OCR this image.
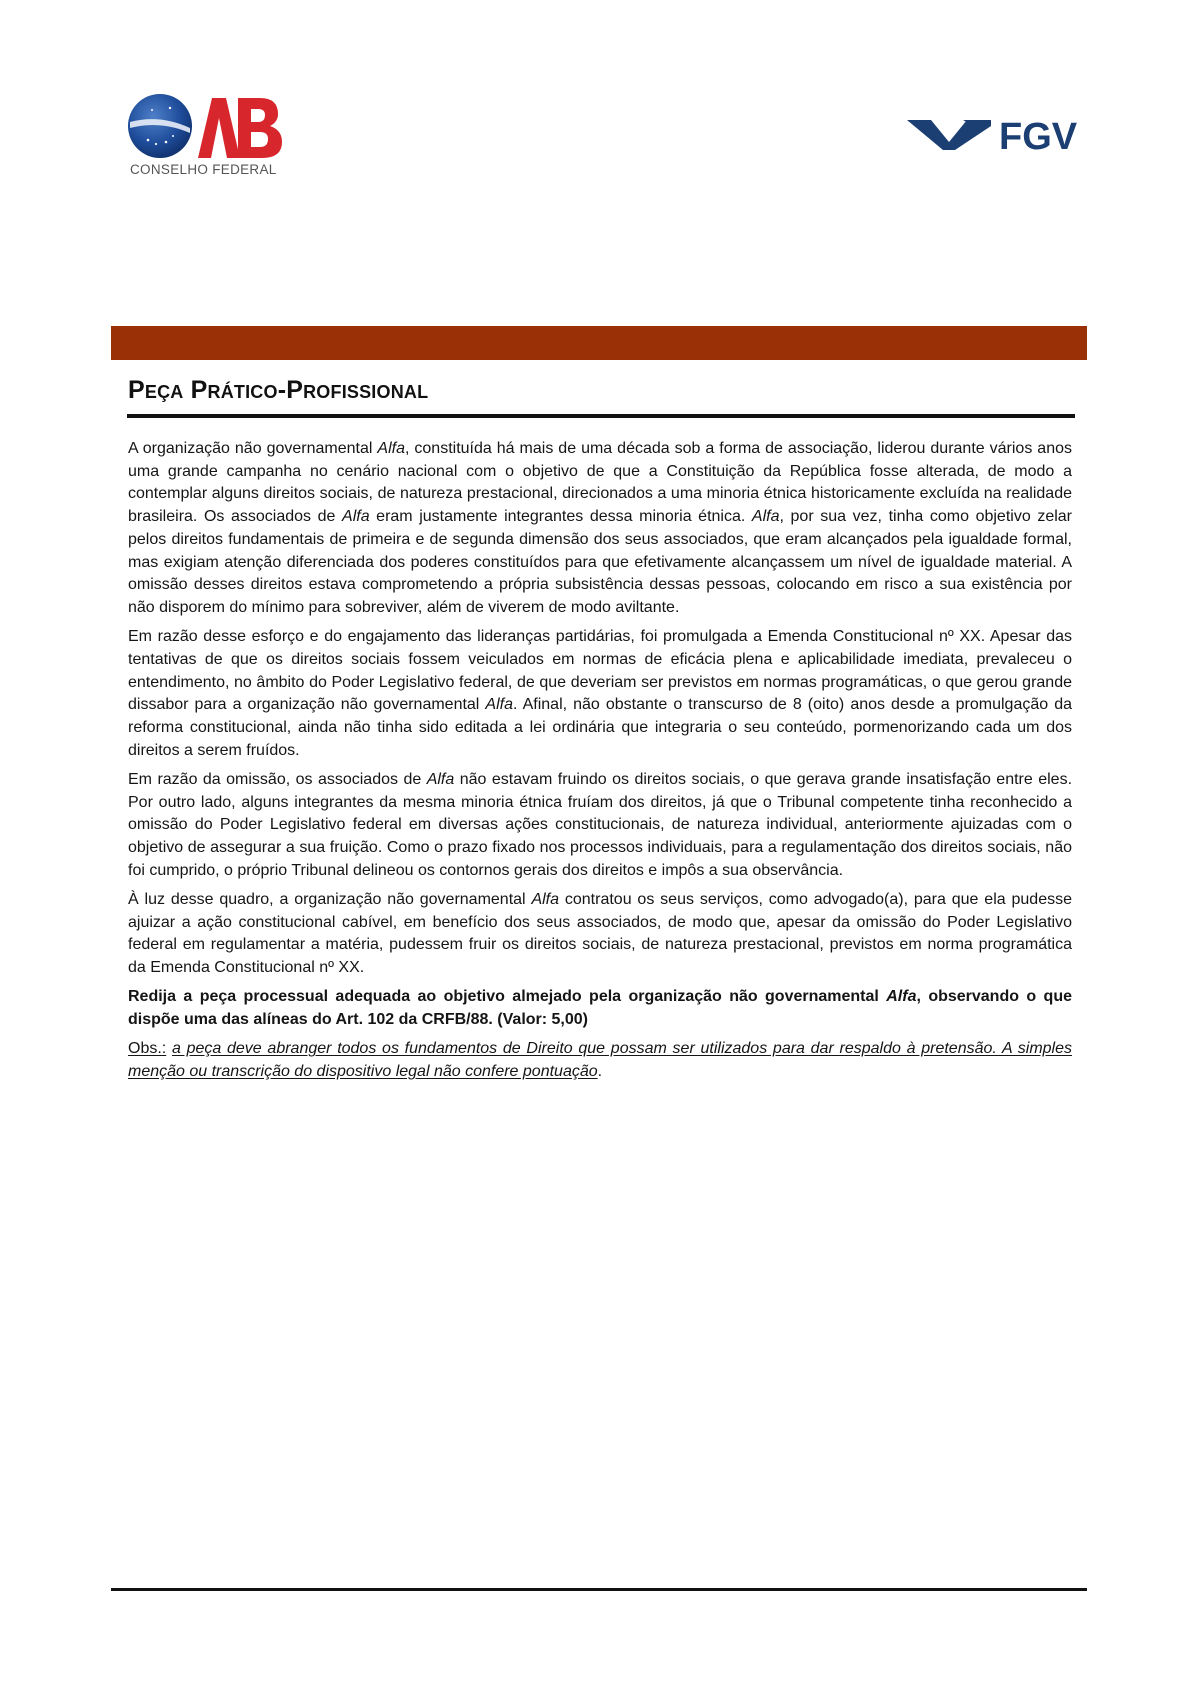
CONSELHO FEDERAL
FGV
Peça Prático-Profissional

A organização não governamental Alfa, constituída há mais de uma década sob a forma de associação, liderou durante vários anos uma grande campanha no cenário nacional com o objetivo de que a Constituição da República fosse alterada, de modo a contemplar alguns direitos sociais, de natureza prestacional, direcionados a uma minoria étnica historicamente excluída na realidade brasileira. Os associados de Alfa eram justamente integrantes dessa minoria étnica. Alfa, por sua vez, tinha como objetivo zelar pelos direitos fundamentais de primeira e de segunda dimensão dos seus associados, que eram alcançados pela igualdade formal, mas exigiam atenção diferenciada dos poderes constituídos para que efetivamente alcançassem um nível de igualdade material. A omissão desses direitos estava comprometendo a própria subsistência dessas pessoas, colocando em risco a sua existência por não disporem do mínimo para sobreviver, além de viverem de modo aviltante.

Em razão desse esforço e do engajamento das lideranças partidárias, foi promulgada a Emenda Constitucional nº XX. Apesar das tentativas de que os direitos sociais fossem veiculados em normas de eficácia plena e aplicabilidade imediata, prevaleceu o entendimento, no âmbito do Poder Legislativo federal, de que deveriam ser previstos em normas programáticas, o que gerou grande dissabor para a organização não governamental Alfa. Afinal, não obstante o transcurso de 8 (oito) anos desde a promulgação da reforma constitucional, ainda não tinha sido editada a lei ordinária que integraria o seu conteúdo, pormenorizando cada um dos direitos a serem fruídos.

Em razão da omissão, os associados de Alfa não estavam fruindo os direitos sociais, o que gerava grande insatisfação entre eles. Por outro lado, alguns integrantes da mesma minoria étnica fruíam dos direitos, já que o Tribunal competente tinha reconhecido a omissão do Poder Legislativo federal em diversas ações constitucionais, de natureza individual, anteriormente ajuizadas com o objetivo de assegurar a sua fruição. Como o prazo fixado nos processos individuais, para a regulamentação dos direitos sociais, não foi cumprido, o próprio Tribunal delineou os contornos gerais dos direitos e impôs a sua observância.

À luz desse quadro, a organização não governamental Alfa contratou os seus serviços, como advogado(a), para que ela pudesse ajuizar a ação constitucional cabível, em benefício dos seus associados, de modo que, apesar da omissão do Poder Legislativo federal em regulamentar a matéria, pudessem fruir os direitos sociais, de natureza prestacional, previstos em norma programática da Emenda Constitucional nº XX.

Redija a peça processual adequada ao objetivo almejado pela organização não governamental Alfa, observando o que dispõe uma das alíneas do Art. 102 da CRFB/88. (Valor: 5,00)

Obs.: a peça deve abranger todos os fundamentos de Direito que possam ser utilizados para dar respaldo à pretensão. A simples menção ou transcrição do dispositivo legal não confere pontuação.
